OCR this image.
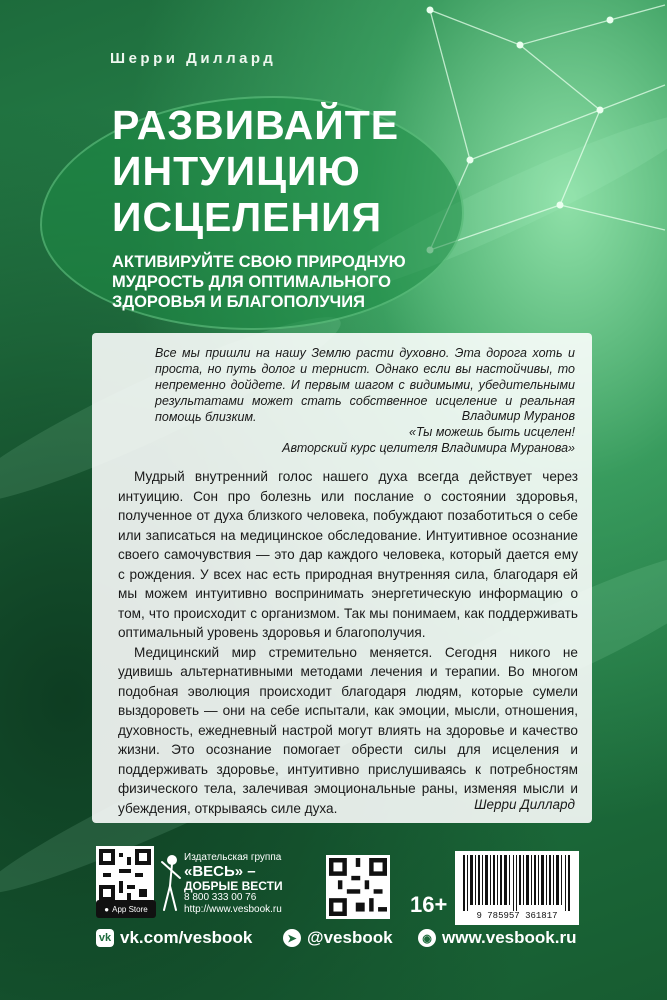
Шерри Диллард
РАЗВИВАЙТЕ
ИНТУИЦИЮ
ИСЦЕЛЕНИЯ
АКТИВИРУЙТЕ СВОЮ ПРИРОДНУЮ
МУДРОСТЬ ДЛЯ ОПТИМАЛЬНОГО
ЗДОРОВЬЯ И БЛАГОПОЛУЧИЯ
Все мы пришли на нашу Землю расти духовно. Эта дорога хоть и проста, но путь долог и тернист. Однако если вы настойчивы, то непременно дойдете. И первым шагом с видимыми, убедительными результатами может стать собственное исцеление и реальная помощь близким.	Владимир Муранов
«Ты можешь быть исцелен!
Авторский курс целителя Владимира Муранова»

Мудрый внутренний голос нашего духа всегда действует через интуицию. Сон про болезнь или послание о состоянии здоровья, полученное от духа близкого человека, побуждают позаботиться о себе или записаться на медицинское обследование. Интуитивное осознание своего самочувствия — это дар каждого человека, который дается ему с рождения. У всех нас есть природная внутренняя сила, благодаря ей мы можем интуитивно воспринимать энергетическую информацию о том, что происходит с организмом. Так мы понимаем, как поддерживать оптимальный уровень здоровья и благополучия.

Медицинский мир стремительно меняется. Сегодня никого не удивишь альтернативными методами лечения и терапии. Во многом подобная эволюция происходит благодаря людям, которые сумели выздороветь — они на себе испытали, как эмоции, мысли, отношения, духовность, ежедневный настрой могут влиять на здоровье и качество жизни. Это осознание помогает обрести силы для исцеления и поддерживать здоровье, интуитивно прислушиваясь к потребностям физического тела, залечивая эмоциональные раны, изменяя мысли и убеждения, открываясь силе духа.	Шерри Диллард
● App Store
Издательская группа
«ВЕСЬ» –
ДОБРЫЕ ВЕСТИ
8 800 333 00 76
http://www.vesbook.ru	16+	9 785957 361817
vk vk.com/vesbook	➤ @vesbook	◉ www.vesbook.ru
